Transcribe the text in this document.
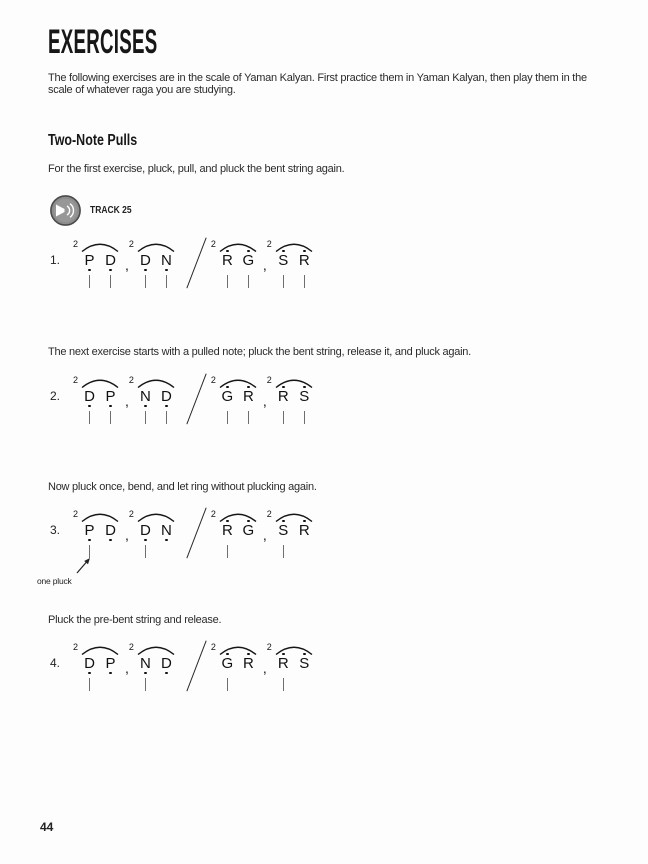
EXERCISES

The following exercises are in the scale of Yaman Kalyan. First practice them in Yaman Kalyan, then play them in the scale of whatever raga you are studying.

Two-Note Pulls

For the first exercise, pluck, pull, and pluck the bent string again.

TRACK 25
1.
2
P D ,
2
D N
2
R G ,
2
S R

The next exercise starts with a pulled note; pluck the bent string, release it, and pluck again.

2.
2
D P ,
2
N D
2
G R ,
2
R S

Now pluck once, bend, and let ring without plucking again.

3.
2
P D ,
2
D N
2
R G ,
2
S R
one pluck

Pluck the pre-bent string and release.

4.
2
D P ,
2
N D
2
G R ,
2
R S
44
